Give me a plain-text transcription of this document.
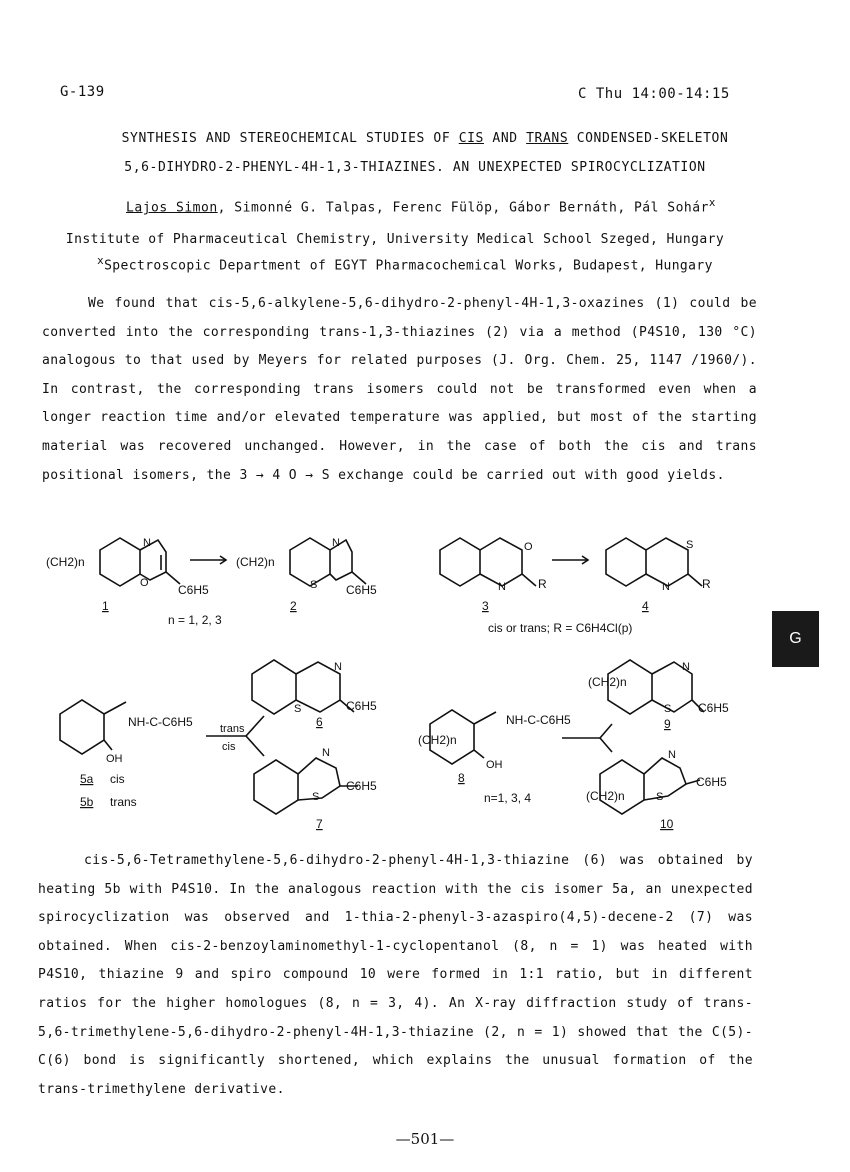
G-139	C Thu 14:00-14:15
SYNTHESIS AND STEREOCHEMICAL STUDIES OF CIS AND TRANS CONDENSED-SKELETON
5,6-DIHYDRO-2-PHENYL-4H-1,3-THIAZINES. AN UNEXPECTED SPIROCYCLIZATION
Lajos Simon, Simonné G. Talpas, Ferenc Fülöp, Gábor Bernáth, Pál Sohár$^x$
Institute of Pharmaceutical Chemistry, University Medical School Szeged, Hungary
$^x$Spectroscopic Department of EGYT Pharmacochemical Works, Budapest, Hungary

We found that cis-5,6-alkylene-5,6-dihydro-2-phenyl-4H-1,3-oxazines (1) could be converted into the corresponding trans-1,3-thiazines (2) via a method (P4S10, 130 °C) analogous to that used by Meyers for related purposes (J. Org. Chem. 25, 1147 /1960/). In contrast, the corresponding trans isomers could not be transformed even when a longer reaction time and/or elevated temperature was applied, but most of the starting material was recovered unchanged. However, in the case of both the cis and trans positional isomers, the 3 → 4 O → S exchange could be carried out with good yields.

(CH2)n
N
O C6H5
1
(CH2)n
N
S C6H5
2
n = 1, 2, 3
O
N	R
3
S
N	R
4
cis or trans; R = C6H4Cl(p)
NH-C-C6H5
OH
5a cis
5b trans
trans
cis
N
S	C6H5
6
N
S
C6H5
7
(CH2)n
NH-C-C6H5
OH
8
n=1, 3, 4
(CH2)n
N
S C6H5
9
(CH2)n
N
S
C6H5
10

cis-5,6-Tetramethylene-5,6-dihydro-2-phenyl-4H-1,3-thiazine (6) was obtained by heating 5b with P4S10. In the analogous reaction with the cis isomer 5a, an unexpected spirocyclization was observed and 1-thia-2-phenyl-3-azaspiro(4,5)-decene-2 (7) was obtained. When cis-2-benzoylaminomethyl-1-cyclopentanol (8, n = 1) was heated with P4S10, thiazine 9 and spiro compound 10 were formed in 1:1 ratio, but in different ratios for the higher homologues (8, n = 3, 4). An X-ray diffraction study of trans-5,6-trimethylene-5,6-dihydro-2-phenyl-4H-1,3-thiazine (2, n = 1) showed that the C(5)-C(6) bond is significantly shortened, which explains the unusual formation of the trans-trimethylene derivative.

G
—501—
